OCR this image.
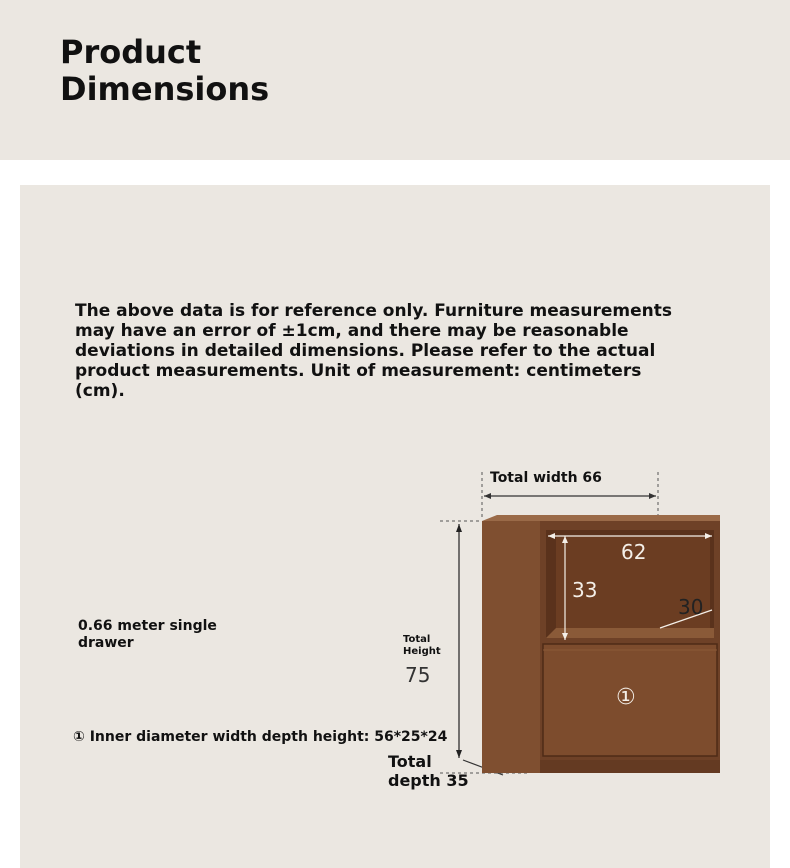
Product
Dimensions
The above data is for reference only. Furniture measurements may have an error of ±1cm, and there may be reasonable deviations in detailed dimensions. Please refer to the actual product measurements. Unit of measurement: centimeters (cm).
Total width 66
Total Height
75
Total depth 35
62
33
30
①
0.66 meter single drawer
① Inner diameter width depth height: 56*25*24
